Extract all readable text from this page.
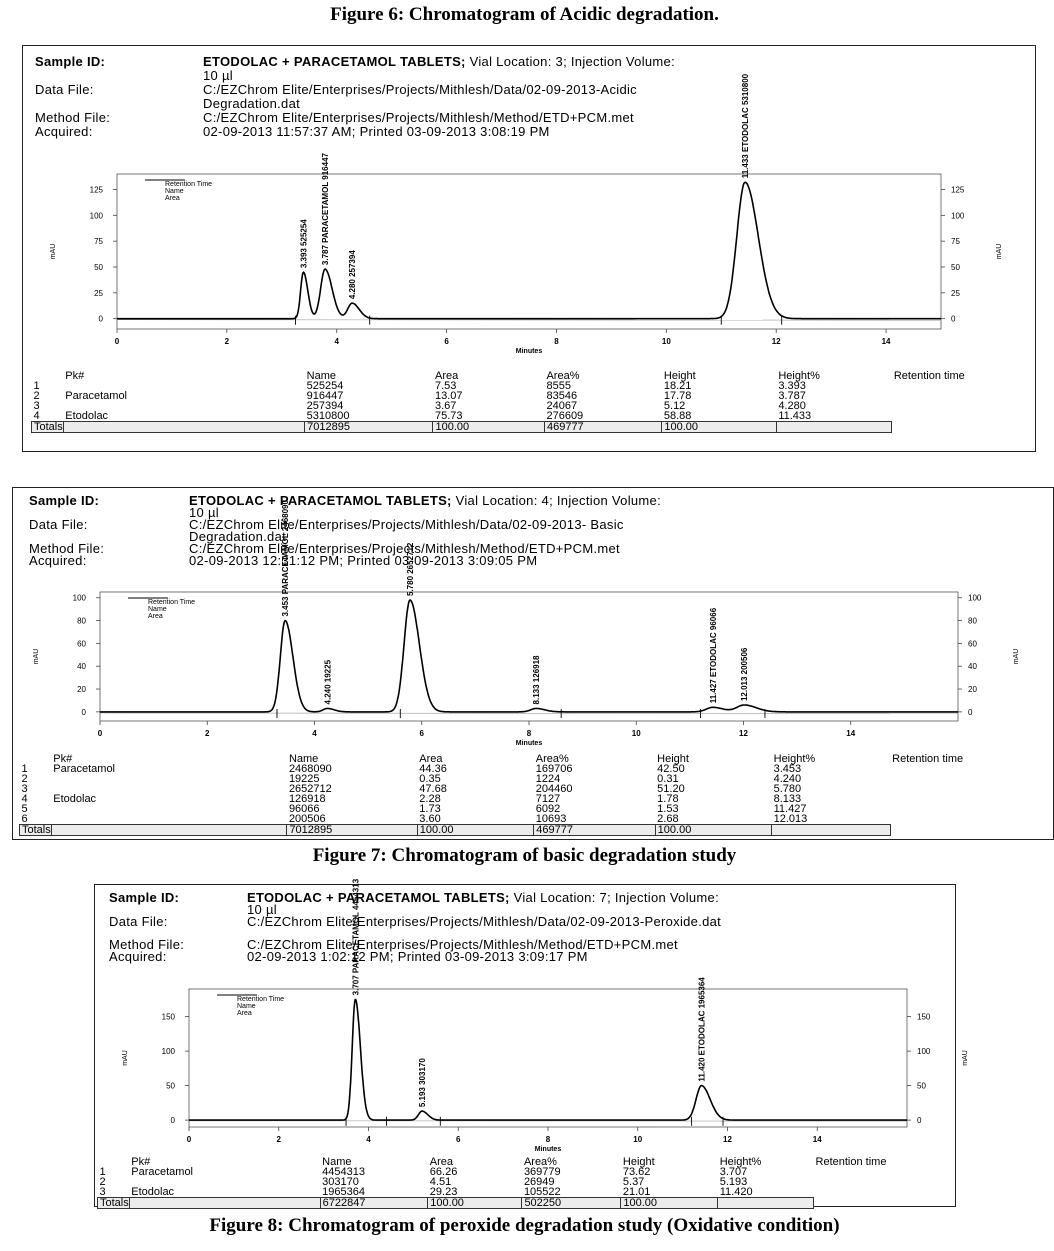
Figure 6: Chromatogram of Acidic degradation.
Sample ID:	ETODOLAC + PARACETAMOL TABLETS; Vial Location: 3; Injection Volume:
10 µl
Data File:	C:/EZChrom Elite/Enterprises/Projects/Mithlesh/Data/02-09-2013-Acidic
Degradation.dat
Method File:	C:/EZChrom Elite/Enterprises/Projects/Mithlesh/Method/ETD+PCM.met
Acquired:	02-09-2013 11:57:37 AM; Printed 03-09-2013 3:08:19 PM
0	0
25	25
50	50
75	75
100	100
125	125
0	2	4	6	8	10	12	14
Minutes
mAU	mAU
Retention Time
Name
Area
3.393 525254 3.787 PARACETAMOL 916447
4.280 257394
11.433 ETODOLAC 5310800
	Pk#	Name	Area	Area%	Height	Height%	Retention time
1		525254	7.53	8555	18.21	3.393	
2	Paracetamol	916447	13.07	83546	17.78	3.787	
3		257394	3.67	24067	5.12	4.280	
4	Etodolac	5310800	75.73	276609	58.88	11.433	
Totals		7012895	100.00	469777	100.00		
Sample ID:	ETODOLAC + PARACETAMOL TABLETS; Vial Location: 4; Injection Volume:
10 µl
Data File:	C:/EZChrom Elite/Enterprises/Projects/Mithlesh/Data/02-09-2013- Basic
Degradation.dat
Method File:	C:/EZChrom Elite/Enterprises/Projects/Mithlesh/Method/ETD+PCM.met
Acquired:	02-09-2013 12:31:12 PM; Printed 03-09-2013 3:09:05 PM
0	0
20	20
40	40
60	60
80	80
100	100
0	2	4	6	8	10	12	14
Minutes
mAU	mAU
Retention Time
Name
Area	3.453 PARACETAMOL 2468090
4.240 19225
5.780 2652712
8.133 126918	11.427 ETODOLAC 96066	12.013 200506
	Pk#	Name	Area	Area%	Height	Height%	Retention time
1	Paracetamol	2468090	44.36	169706	42.50	3.453	
2		19225	0.35	1224	0.31	4.240	
3		2652712	47.68	204460	51.20	5.780	
4	Etodolac	126918	2.28	7127	1.78	8.133	
5		96066	1.73	6092	1.53	11.427	
6		200506	3.60	10693	2.68	12.013	
Totals		7012895	100.00	469777	100.00		
Figure 7: Chromatogram of basic degradation study
Sample ID:	ETODOLAC + PARACETAMOL TABLETS; Vial Location: 7; Injection Volume:
10 µl
Data File:	C:/EZChrom Elite/Enterprises/Projects/Mithlesh/Data/02-09-2013-Peroxide.dat
Method File:	C:/EZChrom Elite/Enterprises/Projects/Mithlesh/Method/ETD+PCM.met
Acquired:	02-09-2013 1:02:12 PM; Printed 03-09-2013 3:09:17 PM
0	0
50	50
100	100
150	150
0	2	4	6	8	10	12	14
Minutes
mAU	mAU
Retention Time
Name
Area
3.707 PARACETAMOL 4454313
5.193 303170
11.420 ETODOLAC 1965364
	Pk#	Name	Area	Area%	Height	Height%	Retention time
1	Paracetamol	4454313	66.26	369779	73.62	3.707	
2		303170	4.51	26949	5.37	5.193	
3	Etodolac	1965364	29.23	105522	21.01	11.420	
Totals		6722847	100.00	502250	100.00		
Figure 8: Chromatogram of peroxide degradation study (Oxidative condition)
